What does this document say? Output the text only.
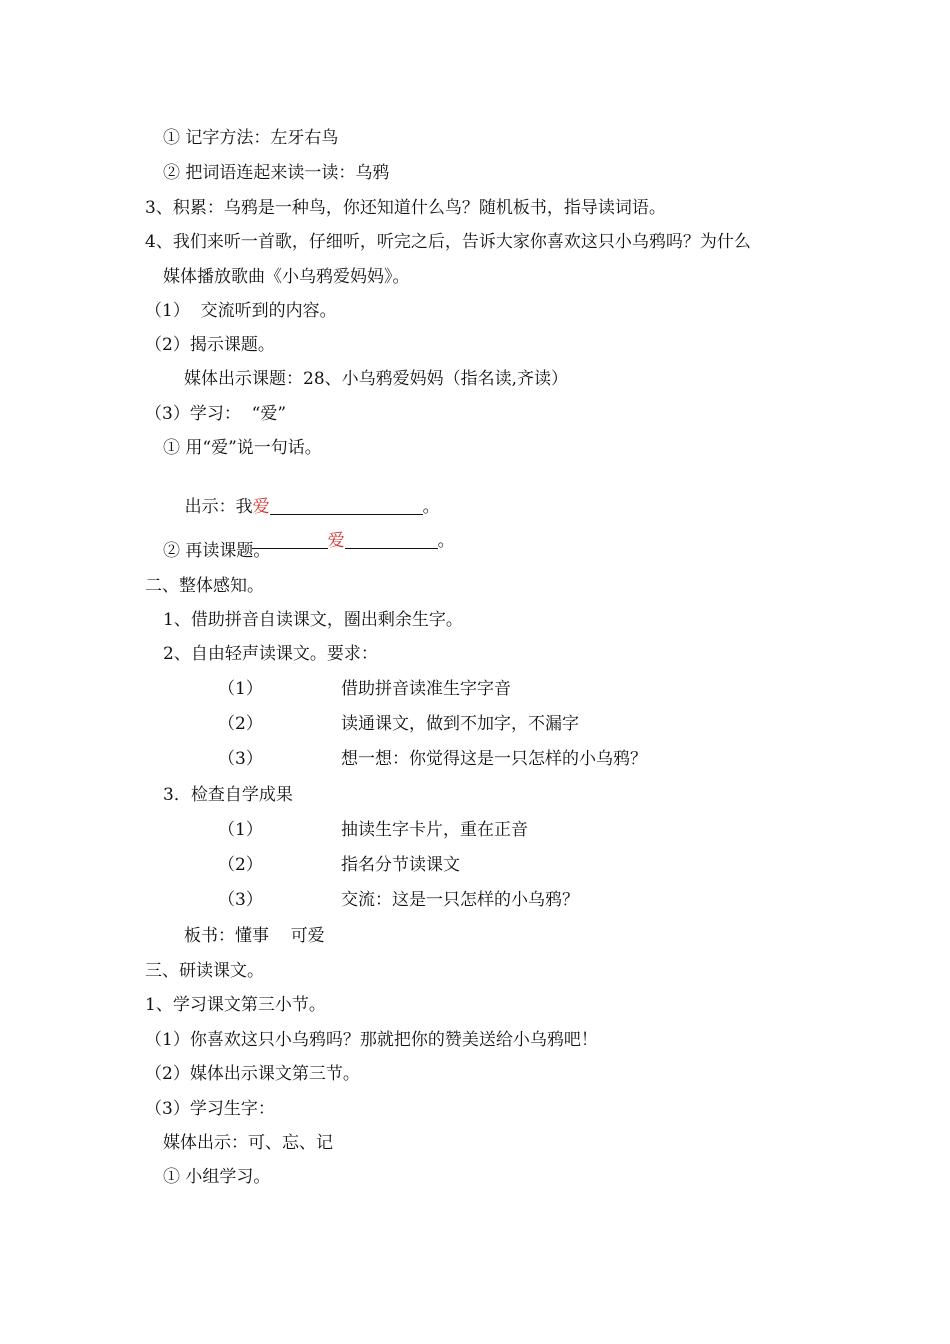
① 记字方法：左牙右鸟
② 把词语连起来读一读：乌鸦
3、积累：乌鸦是一种鸟，你还知道什么鸟？随机板书，指导读词语。
4、我们来听一首歌，仔细听，听完之后，告诉大家你喜欢这只小乌鸦吗？为什么
媒体播放歌曲《小乌鸦爱妈妈》。
（1）  交流听到的内容。
（2）揭示课题。
媒体出示课题：28、小乌鸦爱妈妈（指名读,齐读）
（3）学习：  “爱”
① 用“爱”说一句话。

出示：我爱	。

爱	。

② 再读课题。
二、整体感知。
1、借助拼音自读课文，圈出剩余生字。
2、自由轻声读课文。要求：
（1）	借助拼音读准生字字音
（2）	读通课文，做到不加字，不漏字
（3）	想一想：你觉得这是一只怎样的小乌鸦？
3．检查自学成果
（1）	抽读生字卡片，重在正音
（2）	指名分节读课文
（3）	交流：这是一只怎样的小乌鸦？
板书：懂事    可爱
三、研读课文。
1、学习课文第三小节。
（1）你喜欢这只小乌鸦吗？那就把你的赞美送给小乌鸦吧！
（2）媒体出示课文第三节。
（3）学习生字：
媒体出示：可、忘、记
① 小组学习。
